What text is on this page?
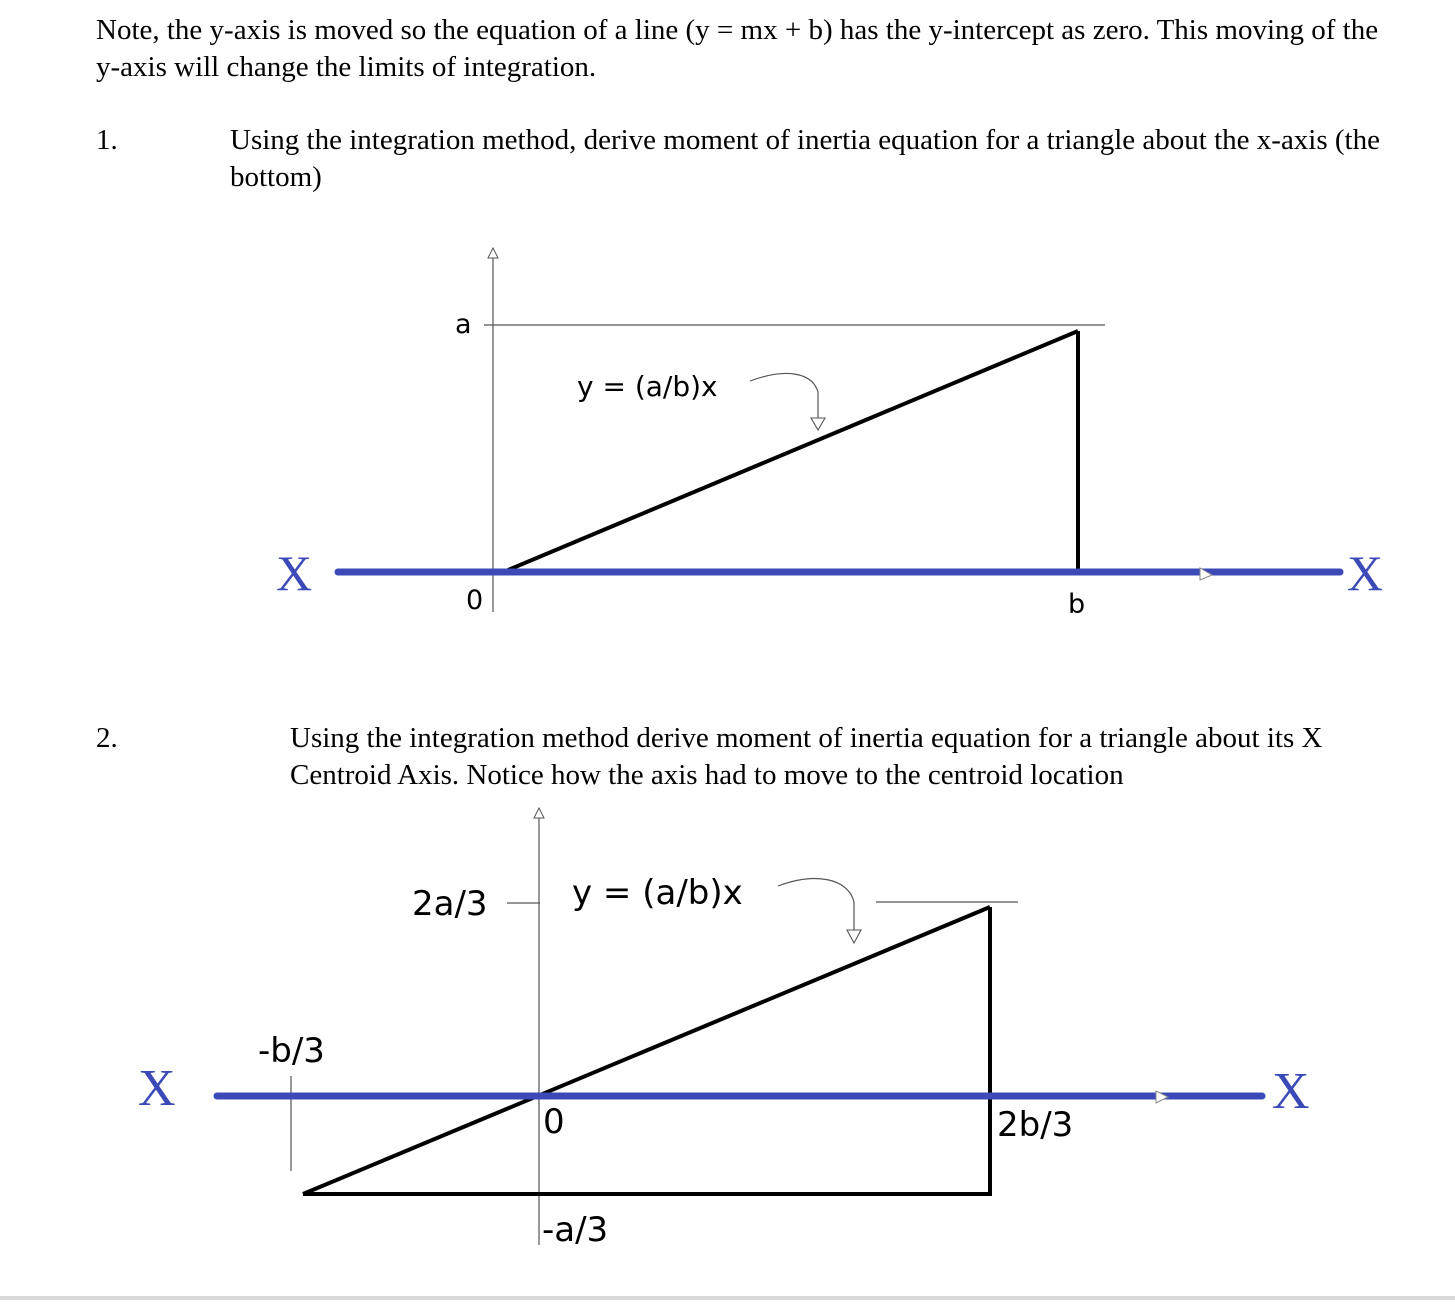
Note, the y-axis is moved so the equation of a line (y = mx + b) has the y-intercept as zero. This moving of the y-axis will change the limits of integration.
1.	Using the integration method, derive moment of inertia equation for a triangle about the x-axis (the bottom)
2.	Using the integration method derive moment of inertia equation for a triangle about its X Centroid Axis. Notice how the axis had to move to the centroid location
a
y = (a/b)x
0	b
X	X
2a/3 y = (a/b)x
-b/3
0	2b/3
-a/3
X	X
